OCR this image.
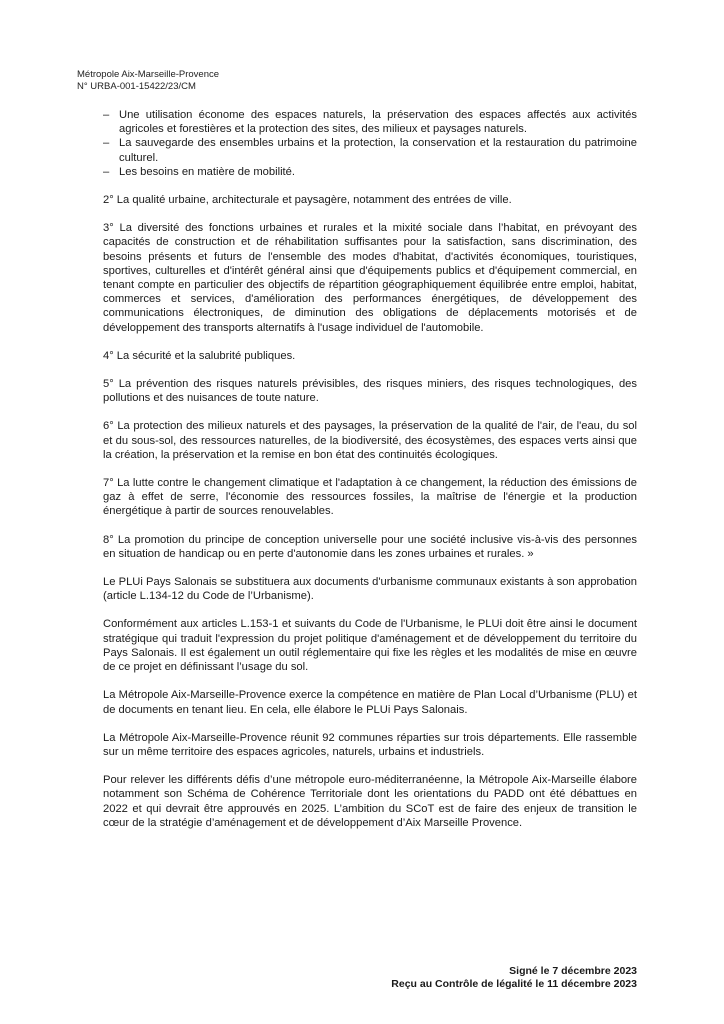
Métropole Aix-Marseille-Provence
N° URBA-001-15422/23/CM
– Une utilisation économe des espaces naturels, la préservation des espaces affectés aux activités agricoles et forestières et la protection des sites, des milieux et paysages naturels.
– La sauvegarde des ensembles urbains et la protection, la conservation et la restauration du patrimoine culturel.
– Les besoins en matière de mobilité.

2° La qualité urbaine, architecturale et paysagère, notamment des entrées de ville.

3° La diversité des fonctions urbaines et rurales et la mixité sociale dans l’habitat, en prévoyant des capacités de construction et de réhabilitation suffisantes pour la satisfaction, sans discrimination, des besoins présents et futurs de l'ensemble des modes d'habitat, d'activités économiques, touristiques, sportives, culturelles et d'intérêt général ainsi que d'équipements publics et d'équipement commercial, en tenant compte en particulier des objectifs de répartition géographiquement équilibrée entre emploi, habitat, commerces et services, d'amélioration des performances énergétiques, de développement des communications électroniques, de diminution des obligations de déplacements motorisés et de développement des transports alternatifs à l'usage individuel de l'automobile.

4° La sécurité et la salubrité publiques.

5° La prévention des risques naturels prévisibles, des risques miniers, des risques technologiques, des pollutions et des nuisances de toute nature.

6° La protection des milieux naturels et des paysages, la préservation de la qualité de l'air, de l'eau, du sol et du sous-sol, des ressources naturelles, de la biodiversité, des écosystèmes, des espaces verts ainsi que la création, la préservation et la remise en bon état des continuités écologiques.

7° La lutte contre le changement climatique et l'adaptation à ce changement, la réduction des émissions de gaz à effet de serre, l'économie des ressources fossiles, la maîtrise de l'énergie et la production énergétique à partir de sources renouvelables.

8° La promotion du principe de conception universelle pour une société inclusive vis-à-vis des personnes en situation de handicap ou en perte d'autonomie dans les zones urbaines et rurales. »

Le PLUi Pays Salonais se substituera aux documents d'urbanisme communaux existants à son approbation (article L.134-12 du Code de l’Urbanisme).

Conformément aux articles L.153-1 et suivants du Code de l'Urbanisme, le PLUi doit être ainsi le document stratégique qui traduit l'expression du projet politique d'aménagement et de développement du territoire du Pays Salonais. Il est également un outil réglementaire qui fixe les règles et les modalités de mise en œuvre de ce projet en définissant l’usage du sol.

La Métropole Aix-Marseille-Provence exerce la compétence en matière de Plan Local d’Urbanisme (PLU) et de documents en tenant lieu. En cela, elle élabore le PLUi Pays Salonais.

La Métropole Aix-Marseille-Provence réunit 92 communes réparties sur trois départements. Elle rassemble sur un même territoire des espaces agricoles, naturels, urbains et industriels.

Pour relever les différents défis d’une métropole euro-méditerranéenne, la Métropole Aix-Marseille élabore notamment son Schéma de Cohérence Territoriale dont les orientations du PADD ont été débattues en 2022 et qui devrait être approuvés en 2025. L’ambition du SCoT est de faire des enjeux de transition le cœur de la stratégie d’aménagement et de développement d’Aix Marseille Provence.

Signé le 7 décembre 2023
Reçu au Contrôle de légalité le 11 décembre 2023
